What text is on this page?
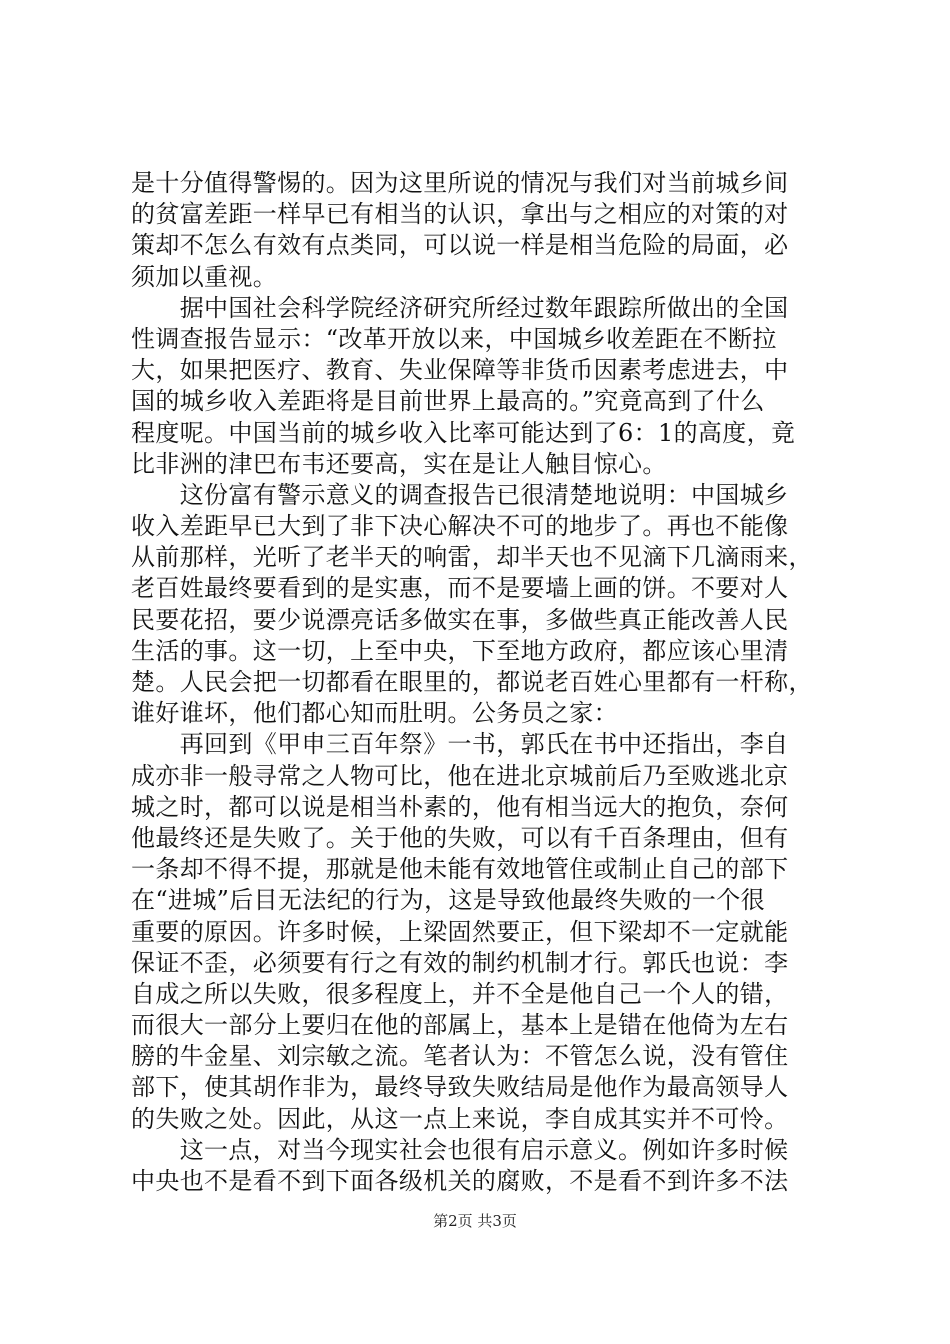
是十分值得警惕的。因为这里所说的情况与我们对当前城乡间
的贫富差距一样早已有相当的认识，拿出与之相应的对策的对
策却不怎么有效有点类同，可以说一样是相当危险的局面，必
须加以重视。
　　据中国社会科学院经济研究所经过数年跟踪所做出的全国
性调查报告显示：“改革开放以来，中国城乡收差距在不断拉
大，如果把医疗、教育、失业保障等非货币因素考虑进去，中
国的城乡收入差距将是目前世界上最高的。”究竟高到了什么
程度呢。中国当前的城乡收入比率可能达到了6：1的高度，竟
比非洲的津巴布韦还要高，实在是让人触目惊心。
　　这份富有警示意义的调查报告已很清楚地说明：中国城乡
收入差距早已大到了非下决心解决不可的地步了。再也不能像
从前那样，光听了老半天的响雷，却半天也不见滴下几滴雨来，
老百姓最终要看到的是实惠，而不是要墙上画的饼。不要对人
民要花招，要少说漂亮话多做实在事，多做些真正能改善人民
生活的事。这一切，上至中央，下至地方政府，都应该心里清
楚。人民会把一切都看在眼里的，都说老百姓心里都有一杆称，
谁好谁坏，他们都心知而肚明。公务员之家：
　　再回到《甲申三百年祭》一书，郭氏在书中还指出，李自
成亦非一般寻常之人物可比，他在进北京城前后乃至败逃北京
城之时，都可以说是相当朴素的，他有相当远大的抱负，奈何
他最终还是失败了。关于他的失败，可以有千百条理由，但有
一条却不得不提，那就是他未能有效地管住或制止自己的部下
在“进城”后目无法纪的行为，这是导致他最终失败的一个很
重要的原因。许多时候，上梁固然要正，但下梁却不一定就能
保证不歪，必须要有行之有效的制约机制才行。郭氏也说：李
自成之所以失败，很多程度上，并不全是他自己一个人的错，
而很大一部分上要归在他的部属上，基本上是错在他倚为左右
膀的牛金星、刘宗敏之流。笔者认为：不管怎么说，没有管住
部下，使其胡作非为，最终导致失败结局是他作为最高领导人
的失败之处。因此，从这一点上来说，李自成其实并不可怜。
　　这一点，对当今现实社会也很有启示意义。例如许多时候
中央也不是看不到下面各级机关的腐败，不是看不到许多不法
第2页 共3页
